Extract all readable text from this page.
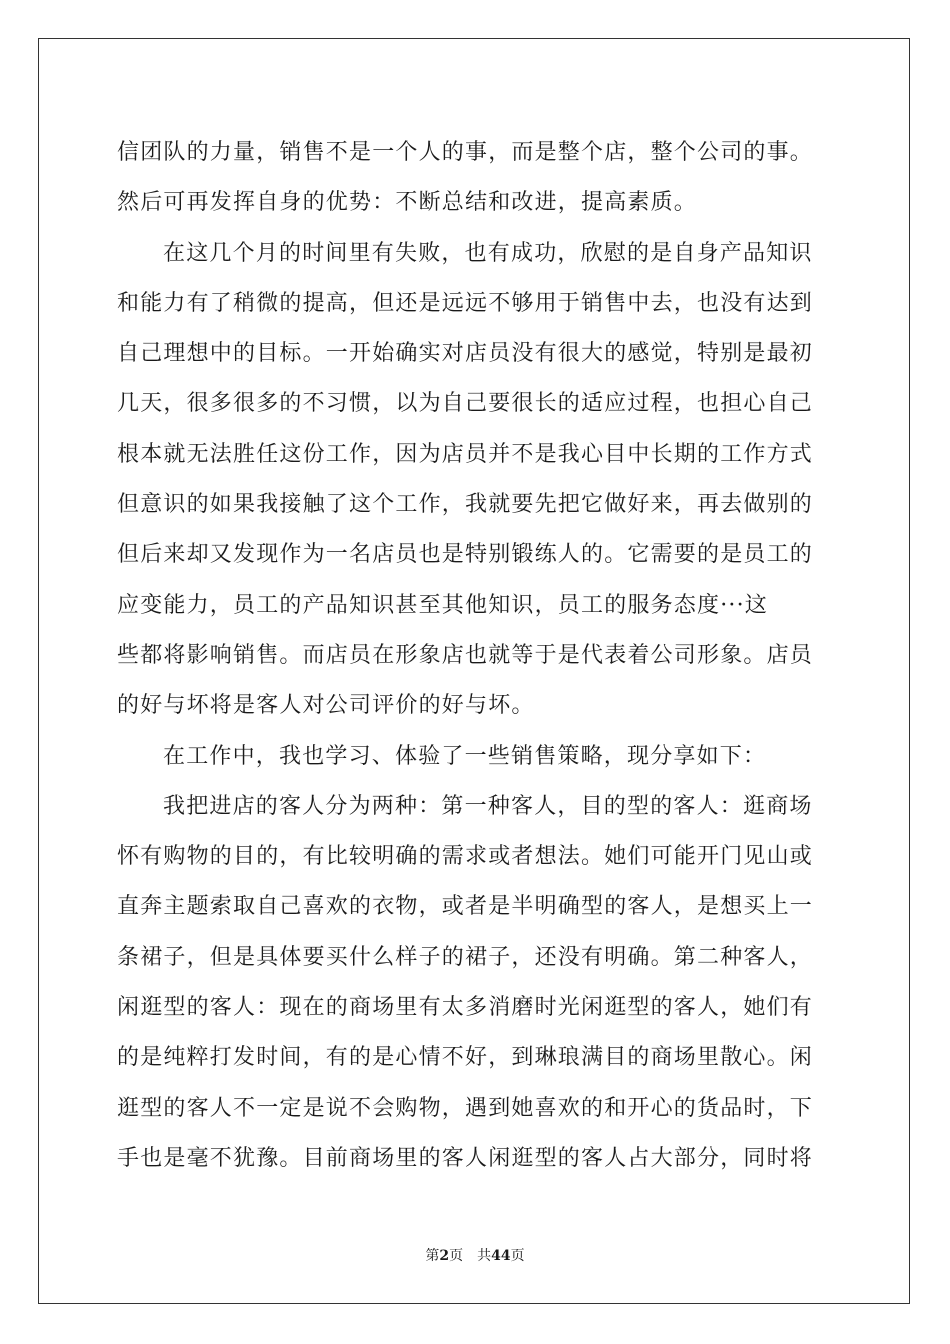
信团队的力量，销售不是一个人的事，而是整个店，整个公司的事。
然后可再发挥自身的优势：不断总结和改进，提高素质。
在这几个月的时间里有失败，也有成功，欣慰的是自身产品知识
和能力有了稍微的提高，但还是远远不够用于销售中去，也没有达到
自己理想中的目标。一开始确实对店员没有很大的感觉，特别是最初
几天，很多很多的不习惯，以为自己要很长的适应过程，也担心自己
根本就无法胜任这份工作，因为店员并不是我心目中长期的工作方式
但意识的如果我接触了这个工作，我就要先把它做好来，再去做别的
但后来却又发现作为一名店员也是特别锻练人的。它需要的是员工的
应变能力，员工的产品知识甚至其他知识，员工的服务态度···这
些都将影响销售。而店员在形象店也就等于是代表着公司形象。店员
的好与坏将是客人对公司评价的好与坏。
在工作中，我也学习、体验了一些销售策略，现分享如下：
我把进店的客人分为两种：第一种客人，目的型的客人：逛商场
怀有购物的目的，有比较明确的需求或者想法。她们可能开门见山或
直奔主题索取自己喜欢的衣物，或者是半明确型的客人，是想买上一
条裙子，但是具体要买什么样子的裙子，还没有明确。第二种客人，
闲逛型的客人：现在的商场里有太多消磨时光闲逛型的客人，她们有
的是纯粹打发时间，有的是心情不好，到琳琅满目的商场里散心。闲
逛型的客人不一定是说不会购物，遇到她喜欢的和开心的货品时，下
手也是毫不犹豫。目前商场里的客人闲逛型的客人占大部分，同时将
第2页 共44页
